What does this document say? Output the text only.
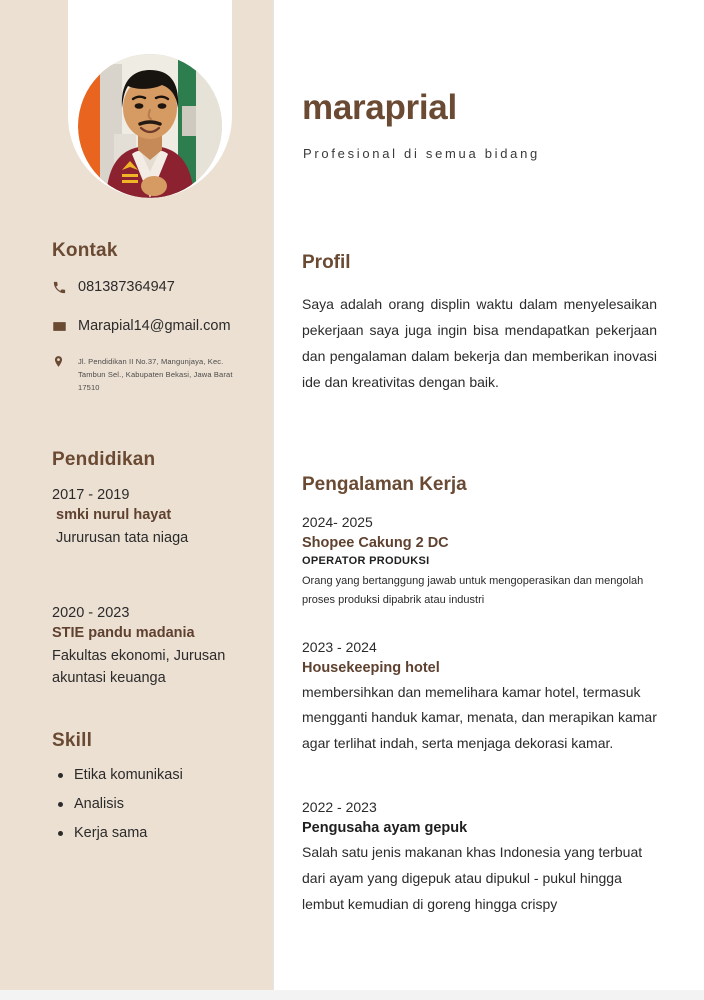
Kontak
081387364947
Marapial14@gmail.com
Jl. Pendidikan II No.37, Mangunjaya, Kec. Tambun Sel., Kabupaten Bekasi, Jawa Barat 17510
Pendidikan
2017 - 2019
smki nurul hayat
Jururusan tata niaga
2020 - 2023
STIE pandu madania
Fakultas ekonomi, Jurusan akuntasi keuanga
Skill
Etika komunikasi
Analisis
Kerja sama
maraprial
Profesional di semua bidang
Profil

Saya adalah orang displin waktu dalam menyelesaikan pekerjaan saya juga ingin bisa mendapatkan pekerjaan dan pengalaman dalam bekerja dan memberikan inovasi ide dan kreativitas dengan baik.

Pengalaman Kerja
2024- 2025
Shopee Cakung 2 DC
OPERATOR PRODUKSI

Orang yang bertanggung jawab untuk mengoperasikan dan mengolah proses produksi dipabrik atau industri

2023 - 2024
Housekeeping hotel

membersihkan dan memelihara kamar hotel, termasuk mengganti handuk kamar, menata, dan merapikan kamar agar terlihat indah, serta menjaga dekorasi kamar.

2022 - 2023
Pengusaha ayam gepuk

Salah satu jenis makanan khas Indonesia yang terbuat dari ayam yang digepuk atau dipukul - pukul hingga lembut kemudian di goreng hingga crispy
